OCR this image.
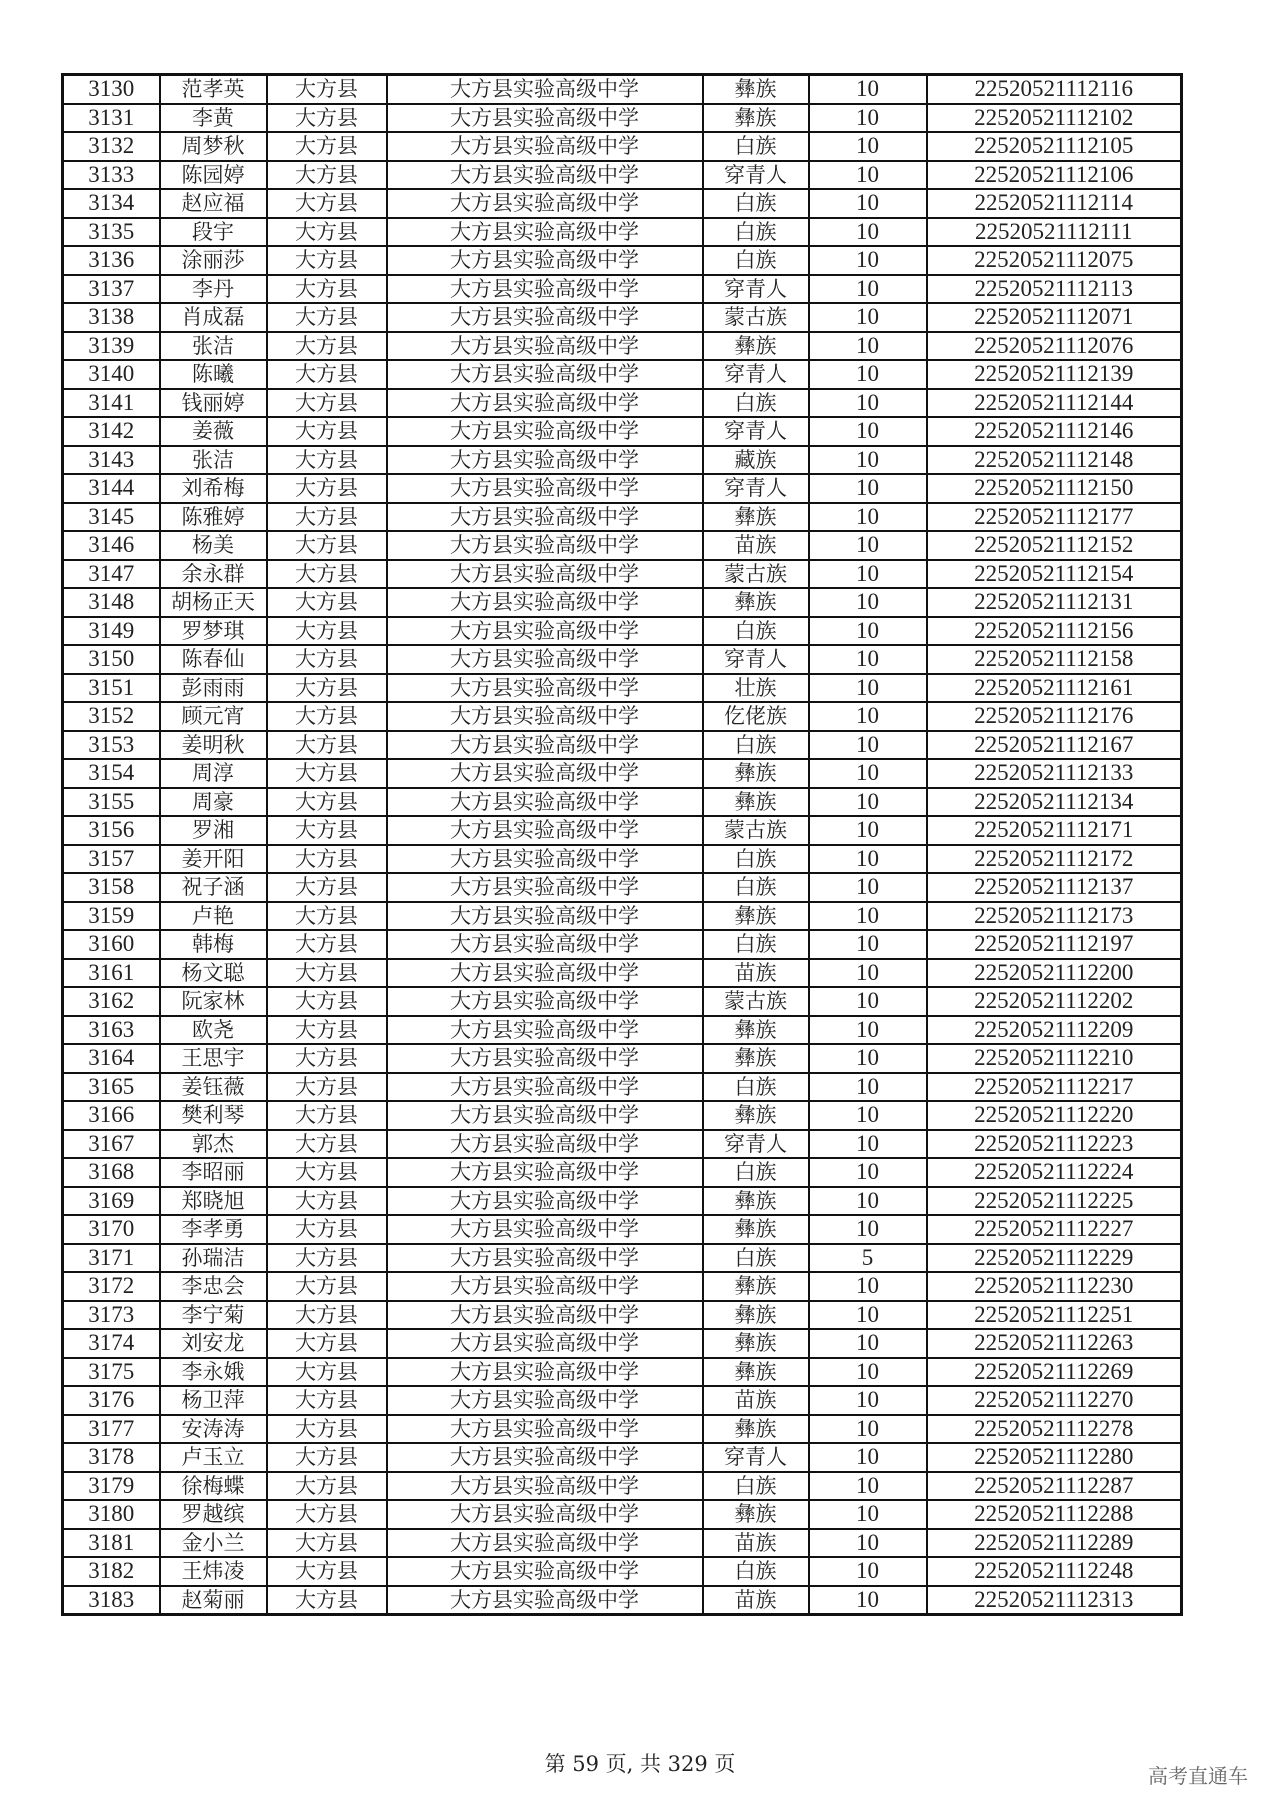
3130	范孝英	大方县	大方县实验高级中学	彝族	10	22520521112116
3131	李黄	大方县	大方县实验高级中学	彝族	10	22520521112102
3132	周梦秋	大方县	大方县实验高级中学	白族	10	22520521112105
3133	陈园婷	大方县	大方县实验高级中学	穿青人	10	22520521112106
3134	赵应福	大方县	大方县实验高级中学	白族	10	22520521112114
3135	段宇	大方县	大方县实验高级中学	白族	10	22520521112111
3136	涂丽莎	大方县	大方县实验高级中学	白族	10	22520521112075
3137	李丹	大方县	大方县实验高级中学	穿青人	10	22520521112113
3138	肖成磊	大方县	大方县实验高级中学	蒙古族	10	22520521112071
3139	张洁	大方县	大方县实验高级中学	彝族	10	22520521112076
3140	陈曦	大方县	大方县实验高级中学	穿青人	10	22520521112139
3141	钱丽婷	大方县	大方县实验高级中学	白族	10	22520521112144
3142	姜薇	大方县	大方县实验高级中学	穿青人	10	22520521112146
3143	张洁	大方县	大方县实验高级中学	藏族	10	22520521112148
3144	刘希梅	大方县	大方县实验高级中学	穿青人	10	22520521112150
3145	陈雅婷	大方县	大方县实验高级中学	彝族	10	22520521112177
3146	杨美	大方县	大方县实验高级中学	苗族	10	22520521112152
3147	余永群	大方县	大方县实验高级中学	蒙古族	10	22520521112154
3148	胡杨正天	大方县	大方县实验高级中学	彝族	10	22520521112131
3149	罗梦琪	大方县	大方县实验高级中学	白族	10	22520521112156
3150	陈春仙	大方县	大方县实验高级中学	穿青人	10	22520521112158
3151	彭雨雨	大方县	大方县实验高级中学	壮族	10	22520521112161
3152	顾元宵	大方县	大方县实验高级中学	仡佬族	10	22520521112176
3153	姜明秋	大方县	大方县实验高级中学	白族	10	22520521112167
3154	周淳	大方县	大方县实验高级中学	彝族	10	22520521112133
3155	周豪	大方县	大方县实验高级中学	彝族	10	22520521112134
3156	罗湘	大方县	大方县实验高级中学	蒙古族	10	22520521112171
3157	姜开阳	大方县	大方县实验高级中学	白族	10	22520521112172
3158	祝子涵	大方县	大方县实验高级中学	白族	10	22520521112137
3159	卢艳	大方县	大方县实验高级中学	彝族	10	22520521112173
3160	韩梅	大方县	大方县实验高级中学	白族	10	22520521112197
3161	杨文聪	大方县	大方县实验高级中学	苗族	10	22520521112200
3162	阮家林	大方县	大方县实验高级中学	蒙古族	10	22520521112202
3163	欧尧	大方县	大方县实验高级中学	彝族	10	22520521112209
3164	王思宇	大方县	大方县实验高级中学	彝族	10	22520521112210
3165	姜钰薇	大方县	大方县实验高级中学	白族	10	22520521112217
3166	樊利琴	大方县	大方县实验高级中学	彝族	10	22520521112220
3167	郭杰	大方县	大方县实验高级中学	穿青人	10	22520521112223
3168	李昭丽	大方县	大方县实验高级中学	白族	10	22520521112224
3169	郑晓旭	大方县	大方县实验高级中学	彝族	10	22520521112225
3170	李孝勇	大方县	大方县实验高级中学	彝族	10	22520521112227
3171	孙瑞洁	大方县	大方县实验高级中学	白族	5	22520521112229
3172	李忠会	大方县	大方县实验高级中学	彝族	10	22520521112230
3173	李宁菊	大方县	大方县实验高级中学	彝族	10	22520521112251
3174	刘安龙	大方县	大方县实验高级中学	彝族	10	22520521112263
3175	李永娥	大方县	大方县实验高级中学	彝族	10	22520521112269
3176	杨卫萍	大方县	大方县实验高级中学	苗族	10	22520521112270
3177	安涛涛	大方县	大方县实验高级中学	彝族	10	22520521112278
3178	卢玉立	大方县	大方县实验高级中学	穿青人	10	22520521112280
3179	徐梅蝶	大方县	大方县实验高级中学	白族	10	22520521112287
3180	罗越缤	大方县	大方县实验高级中学	彝族	10	22520521112288
3181	金小兰	大方县	大方县实验高级中学	苗族	10	22520521112289
3182	王炜凌	大方县	大方县实验高级中学	白族	10	22520521112248
3183	赵菊丽	大方县	大方县实验高级中学	苗族	10	22520521112313
第 59 页, 共 329 页	高考直通车
